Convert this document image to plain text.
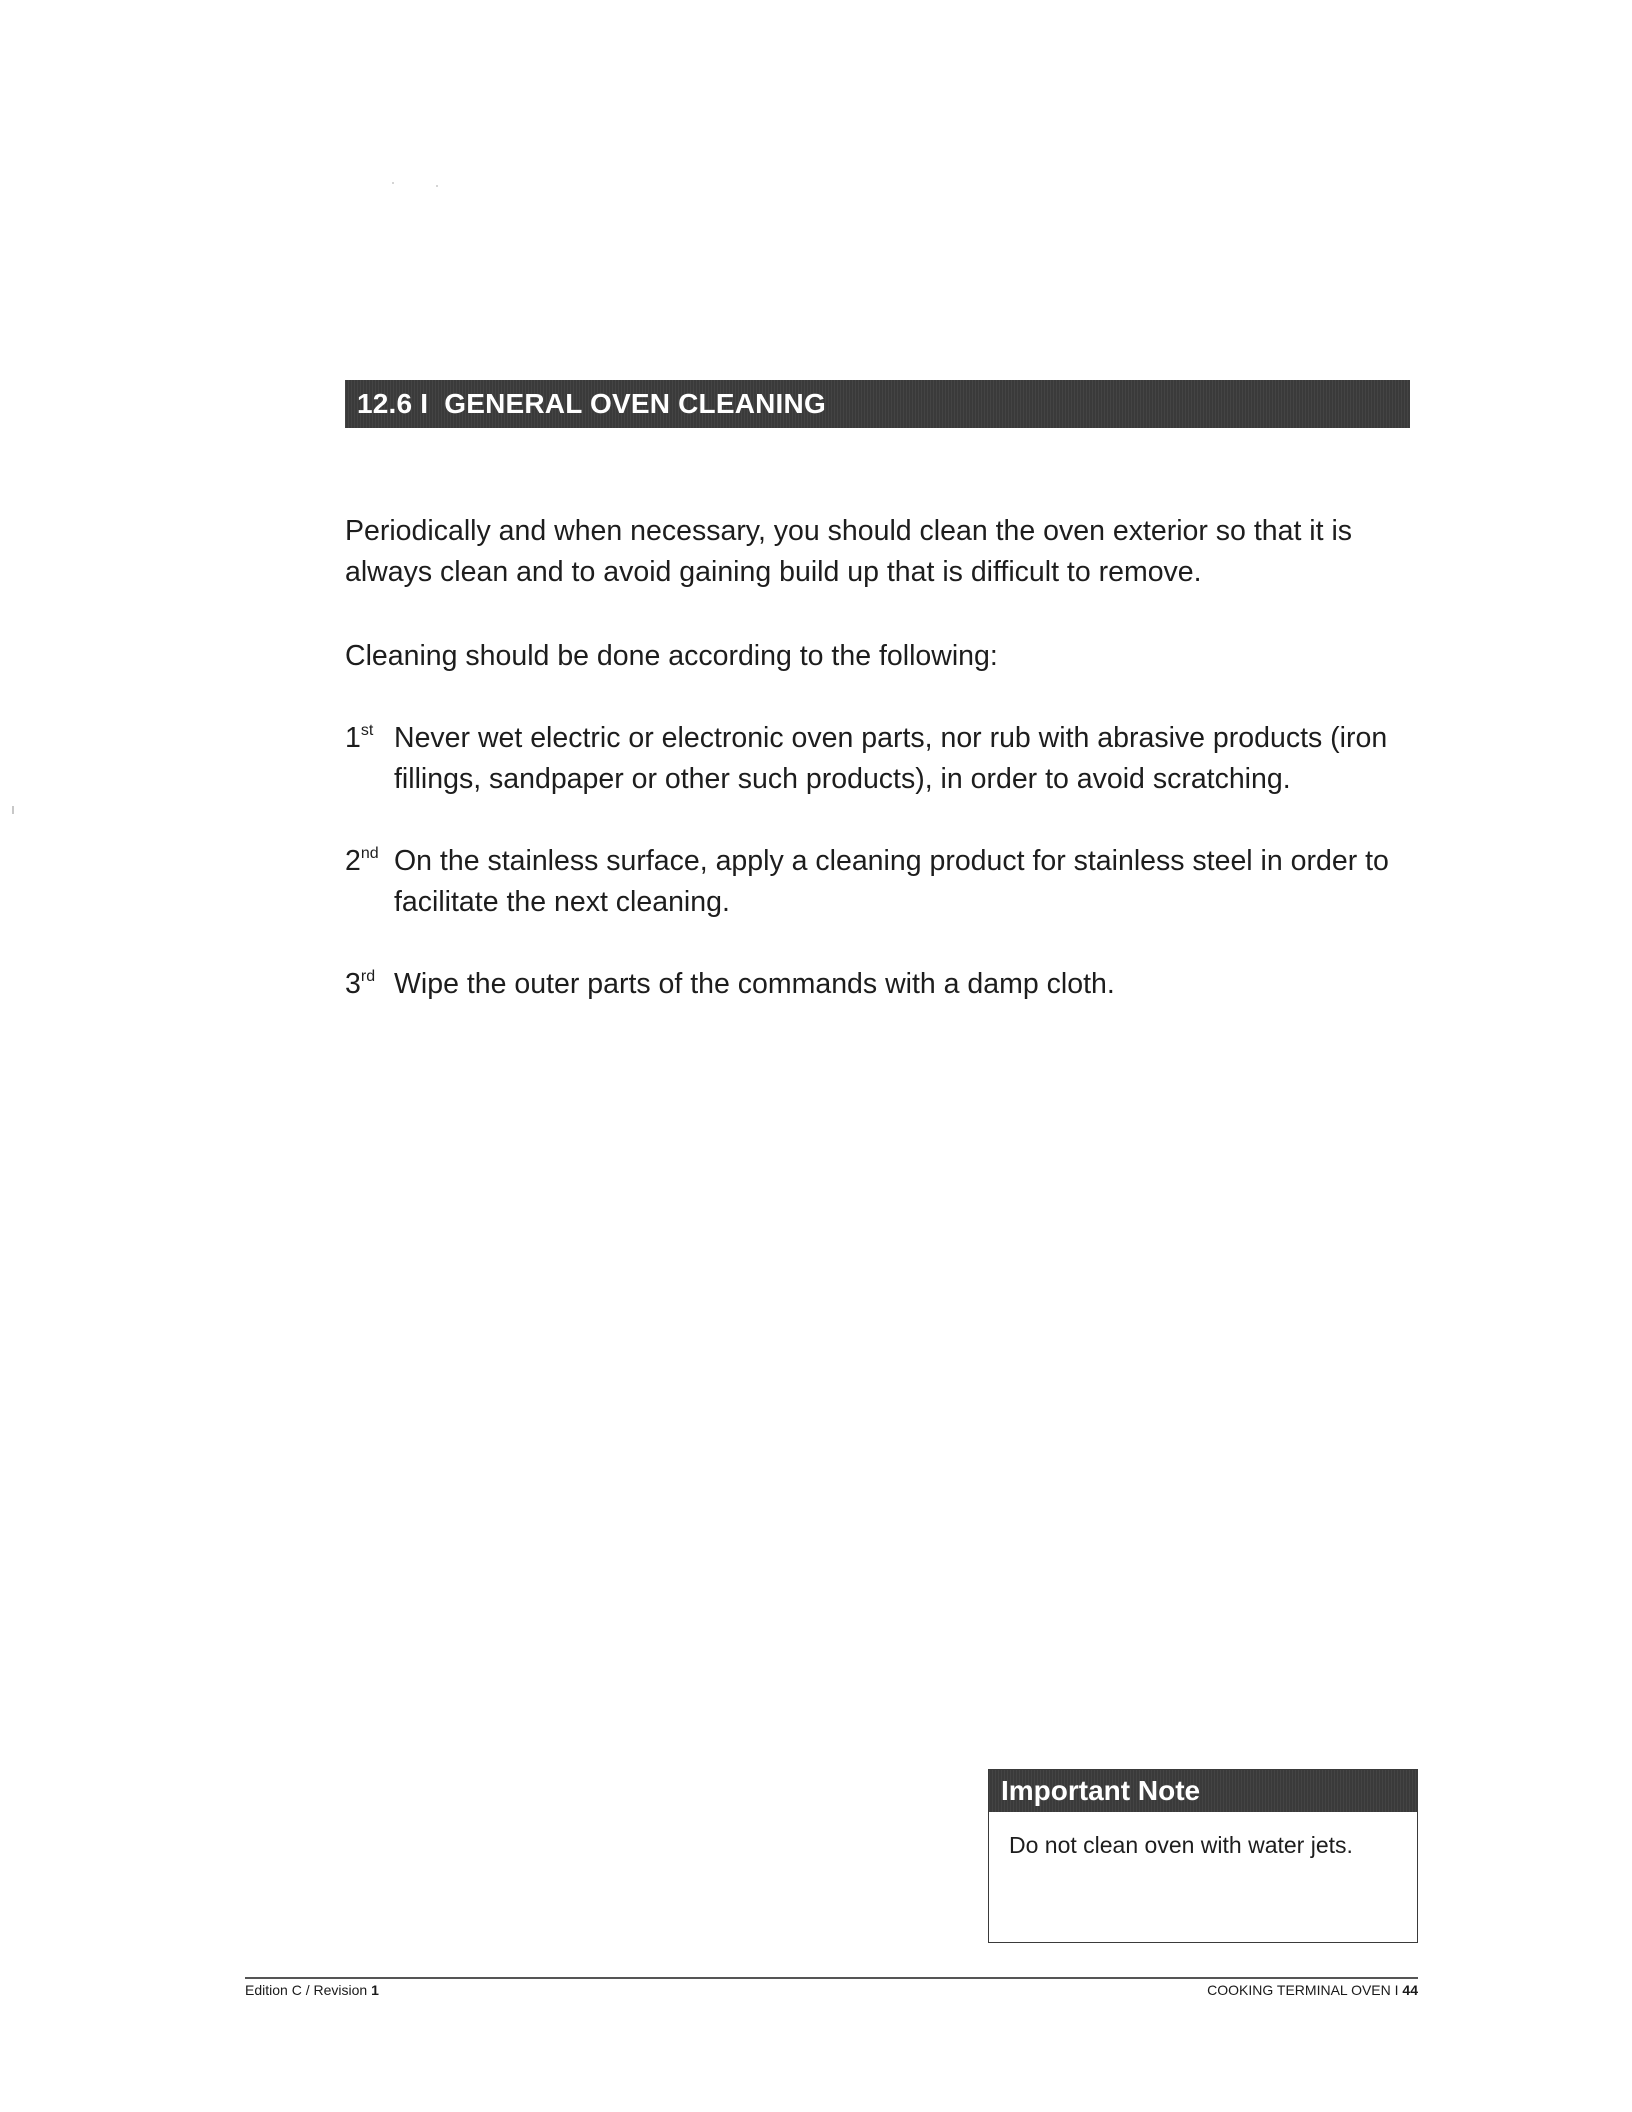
12.6 I  GENERAL OVEN CLEANING
Periodically and when necessary, you should clean the oven exterior so that it is always clean and to avoid gaining build up that is difficult to remove.
Cleaning should be done according to the following:
1st Never wet electric or electronic oven parts, nor rub with abrasive products (iron fillings, sandpaper or other such products), in order to avoid scratching.
2nd On the stainless surface, apply a cleaning product for stainless steel in order to facilitate the next cleaning.
3rd Wipe the outer parts of the commands with a damp cloth.
Important Note
Do not clean oven with water jets.
Edition C / Revision 1	COOKING TERMINAL OVEN I 44
